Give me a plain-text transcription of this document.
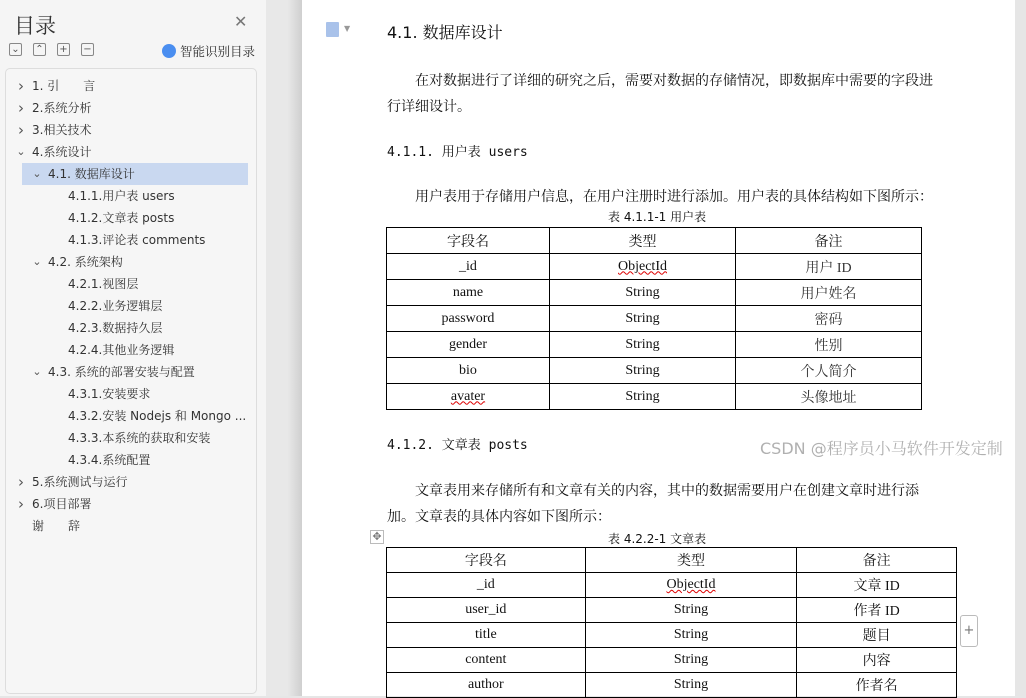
目录	✕
⌄ ⌃ + −	智能识别目录
› 1. 引　　言
› 2.系统分析
› 3.相关技术
⌄ 4.系统设计
⌄ 4.1. 数据库设计
4.1.1.用户表 users
4.1.2.文章表 posts
4.1.3.评论表 comments
⌄ 4.2. 系统架构
4.2.1.视图层
4.2.2.业务逻辑层
4.2.3.数据持久层
4.2.4.其他业务逻辑
⌄ 4.3. 系统的部署安装与配置
4.3.1.安装要求
4.3.2.安装 Nodejs 和 Mongo ...
4.3.3.本系统的获取和安装
4.3.4.系统配置
› 5.系统测试与运行
› 6.项目部署
谢　　辞
▼ 4.1. 数据库设计
在对数据进行了详细的研究之后，需要对数据的存储情况，即数据库中需要的字段进行详细设计。
4.1.1. 用户表 users
用户表用于存储用户信息，在用户注册时进行添加。用户表的具体结构如下图所示：
表 4.1.1-1 用户表
字段名	类型	备注
_id	ObjectId	用户 ID
name	String	用户姓名
password	String	密码
gender	String	性别
bio	String	个人简介
avater	String	头像地址
4.1.2. 文章表 posts
文章表用来存储所有和文章有关的内容，其中的数据需要用户在创建文章时进行添加。文章表的具体内容如下图所示：
表 4.2.2-1 文章表
✥
字段名	类型	备注
_id	ObjectId	文章 ID
user_id	String	作者 ID
title	String	题目
content	String	内容
author	String	作者名
+
CSDN @程序员小马软件开发定制
